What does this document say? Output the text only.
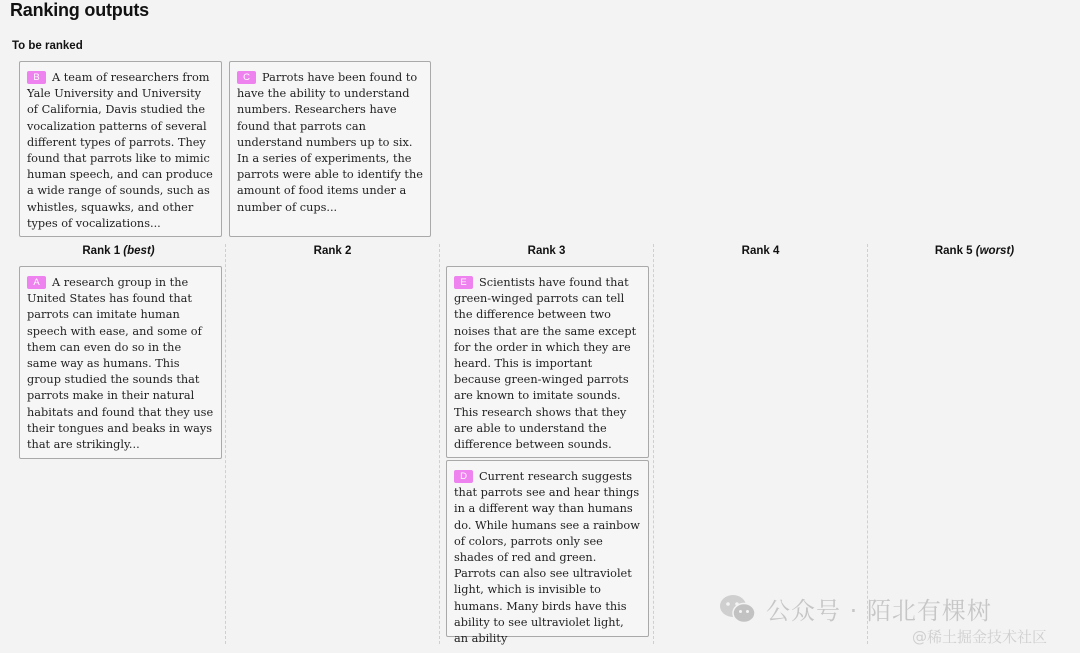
Ranking outputs
To be ranked
B A team of researchers from Yale University and University of California, Davis studied the vocalization patterns of several different types of parrots. They found that parrots like to mimic human speech, and can produce a wide range of sounds, such as whistles, squawks, and other types of vocalizations...
C Parrots have been found to have the ability to understand numbers. Researchers have found that parrots can understand numbers up to six. In a series of experiments, the parrots were able to identify the amount of food items under a number of cups...
Rank 1 (best)	Rank 2	Rank 3	Rank 4	Rank 5 (worst)
A A research group in the United States has found that parrots can imitate human speech with ease, and some of them can even do so in the same way as humans. This group studied the sounds that parrots make in their natural habitats and found that they use their tongues and beaks in ways that are strikingly...
E Scientists have found that green-winged parrots can tell the difference between two noises that are the same except for the order in which they are heard. This is important because green-winged parrots are known to imitate sounds. This research shows that they are able to understand the difference between sounds.
D Current research suggests that parrots see and hear things in a different way than humans do. While humans see a rainbow of colors, parrots only see shades of red and green. Parrots can also see ultraviolet light, which is invisible to humans. Many birds have this ability to see ultraviolet light, an ability
公众号 · 陌北有棵树
@稀土掘金技术社区
